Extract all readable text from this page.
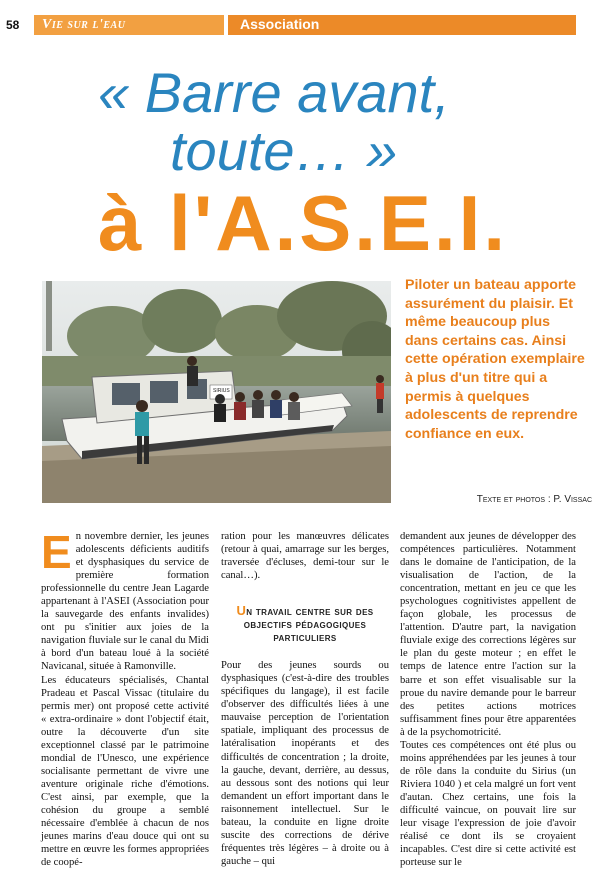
58 Vie sur l'eau	Association
« Barre avant,
toute… »
à l'A.S.E.I.
SIRIUS
Piloter un bateau apporte assurément du plaisir. Et même beaucoup plus dans certains cas. Ainsi cette opération exemplaire à plus d'un titre qui a permis à quelques adolescents de reprendre confiance en eux.
Texte et photos : P. Vissac
E n novembre dernier, les jeunes adolescents déficients auditifs et dysphasiques du service de première formation professionnelle du centre Jean Lagarde appartenant à l'ASEI (Association pour la sauvegarde des enfants invalides) ont pu s'initier aux joies de la navigation fluviale sur le canal du Midi à bord d'un bateau loué à la société Navicanal, située à Ramonville.

Les éducateurs spécialisés, Chantal Pradeau et Pascal Vissac (titulaire du permis mer) ont proposé cette activité « extra-ordinaire » dont l'objectif était, outre la découverte d'un site exceptionnel classé par le patrimoine mondial de l'Unesco, une expérience socialisante permettant de vivre une aventure originale riche d'émotions. C'est ainsi, par exemple, que la cohésion du groupe a semblé nécessaire d'emblée à chacun de nos jeunes marins d'eau douce qui ont su mettre en œuvre les formes appropriées de coopé-

ration pour les manœuvres délicates (retour à quai, amarrage sur les berges, traversée d'écluses, demi-tour sur le canal…).

Un travail centre sur des objectifs pédagogiques particuliers

Pour des jeunes sourds ou dysphasiques (c'est-à-dire des troubles spécifiques du langage), il est facile d'observer des difficultés liées à une mauvaise perception de l'orientation spatiale, impliquant des processus de latéralisation inopérants et des difficultés de concentration ; la droite, la gauche, devant, derrière, au dessus, au dessous sont des notions qui leur demandent un effort important dans le raisonnement intellectuel. Sur le bateau, la conduite en ligne droite suscite des corrections de dérive fréquentes très légères – à droite ou à gauche – qui

demandent aux jeunes de développer des compétences particulières. Notamment dans le domaine de l'anticipation, de la visualisation de l'action, de la concentration, mettant en jeu ce que les psychologues cognitivistes appellent de façon globale, les processus de l'attention. D'autre part, la navigation fluviale exige des corrections légères sur le plan du geste moteur ; en effet le temps de latence entre l'action sur la barre et son effet visualisable sur la proue du navire demande pour le barreur des petites actions motrices suffisamment fines pour être apparentées à de la psychomotricité.

Toutes ces compétences ont été plus ou moins appréhendées par les jeunes à tour de rôle dans la conduite du Sirius (un Riviera 1040 ) et cela malgré un fort vent d'autan. Chez certains, une fois la difficulté vaincue, on pouvait lire sur leur visage l'expression de joie d'avoir réalisé ce dont ils se croyaient incapables. C'est dire si cette activité est porteuse sur le
